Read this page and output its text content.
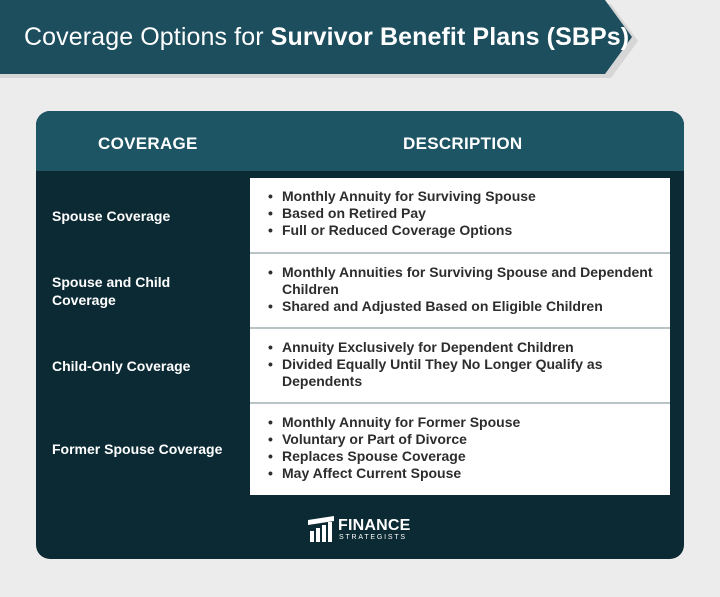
Coverage Options for Survivor Benefit Plans (SBPs)
COVERAGE	DESCRIPTION
Spouse Coverage
• Monthly Annuity for Surviving Spouse
• Based on Retired Pay
• Full or Reduced Coverage Options
Spouse and Child Coverage
• Monthly Annuities for Surviving Spouse and Dependent Children
• Shared and Adjusted Based on Eligible Children
Child-Only Coverage
• Annuity Exclusively for Dependent Children
• Divided Equally Until They No Longer Qualify as Dependents
Former Spouse Coverage
• Monthly Annuity for Former Spouse
• Voluntary or Part of Divorce
• Replaces Spouse Coverage
• May Affect Current Spouse
FINANCE
STRATEGISTS
